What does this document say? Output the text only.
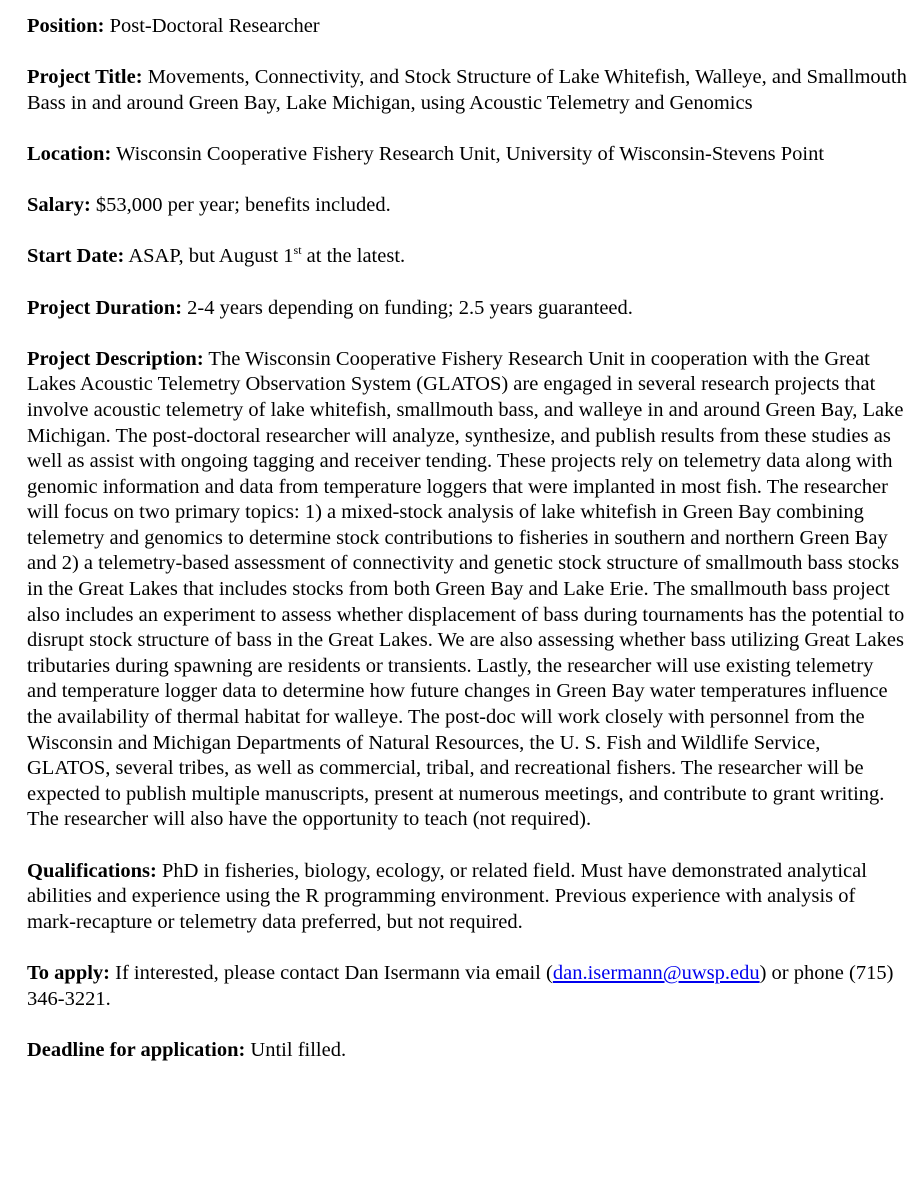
Position: Post-Doctoral Researcher

Project Title: Movements, Connectivity, and Stock Structure of Lake Whitefish, Walleye, and Smallmouth Bass in and around Green Bay, Lake Michigan, using Acoustic Telemetry and Genomics

Location: Wisconsin Cooperative Fishery Research Unit, University of Wisconsin-Stevens Point

Salary: $53,000 per year; benefits included.

Start Date: ASAP, but August 1st at the latest.

Project Duration: 2-4 years depending on funding; 2.5 years guaranteed.

Project Description: The Wisconsin Cooperative Fishery Research Unit in cooperation with the Great Lakes Acoustic Telemetry Observation System (GLATOS) are engaged in several research projects that involve acoustic telemetry of lake whitefish, smallmouth bass, and walleye in and around Green Bay, Lake Michigan. The post-doctoral researcher will analyze, synthesize, and publish results from these studies as well as assist with ongoing tagging and receiver tending. These projects rely on telemetry data along with genomic information and data from temperature loggers that were implanted in most fish. The researcher will focus on two primary topics: 1) a mixed-stock analysis of lake whitefish in Green Bay combining telemetry and genomics to determine stock contributions to fisheries in southern and northern Green Bay and 2) a telemetry-based assessment of connectivity and genetic stock structure of smallmouth bass stocks in the Great Lakes that includes stocks from both Green Bay and Lake Erie. The smallmouth bass project also includes an experiment to assess whether displacement of bass during tournaments has the potential to disrupt stock structure of bass in the Great Lakes. We are also assessing whether bass utilizing Great Lakes tributaries during spawning are residents or transients. Lastly, the researcher will use existing telemetry and temperature logger data to determine how future changes in Green Bay water temperatures influence the availability of thermal habitat for walleye. The post-doc will work closely with personnel from the Wisconsin and Michigan Departments of Natural Resources, the U. S. Fish and Wildlife Service, GLATOS, several tribes, as well as commercial, tribal, and recreational fishers. The researcher will be expected to publish multiple manuscripts, present at numerous meetings, and contribute to grant writing. The researcher will also have the opportunity to teach (not required).

Qualifications: PhD in fisheries, biology, ecology, or related field. Must have demonstrated analytical abilities and experience using the R programming environment. Previous experience with analysis of mark-recapture or telemetry data preferred, but not required.

To apply: If interested, please contact Dan Isermann via email (dan.isermann@uwsp.edu) or phone (715) 346-3221.

Deadline for application: Until filled.
